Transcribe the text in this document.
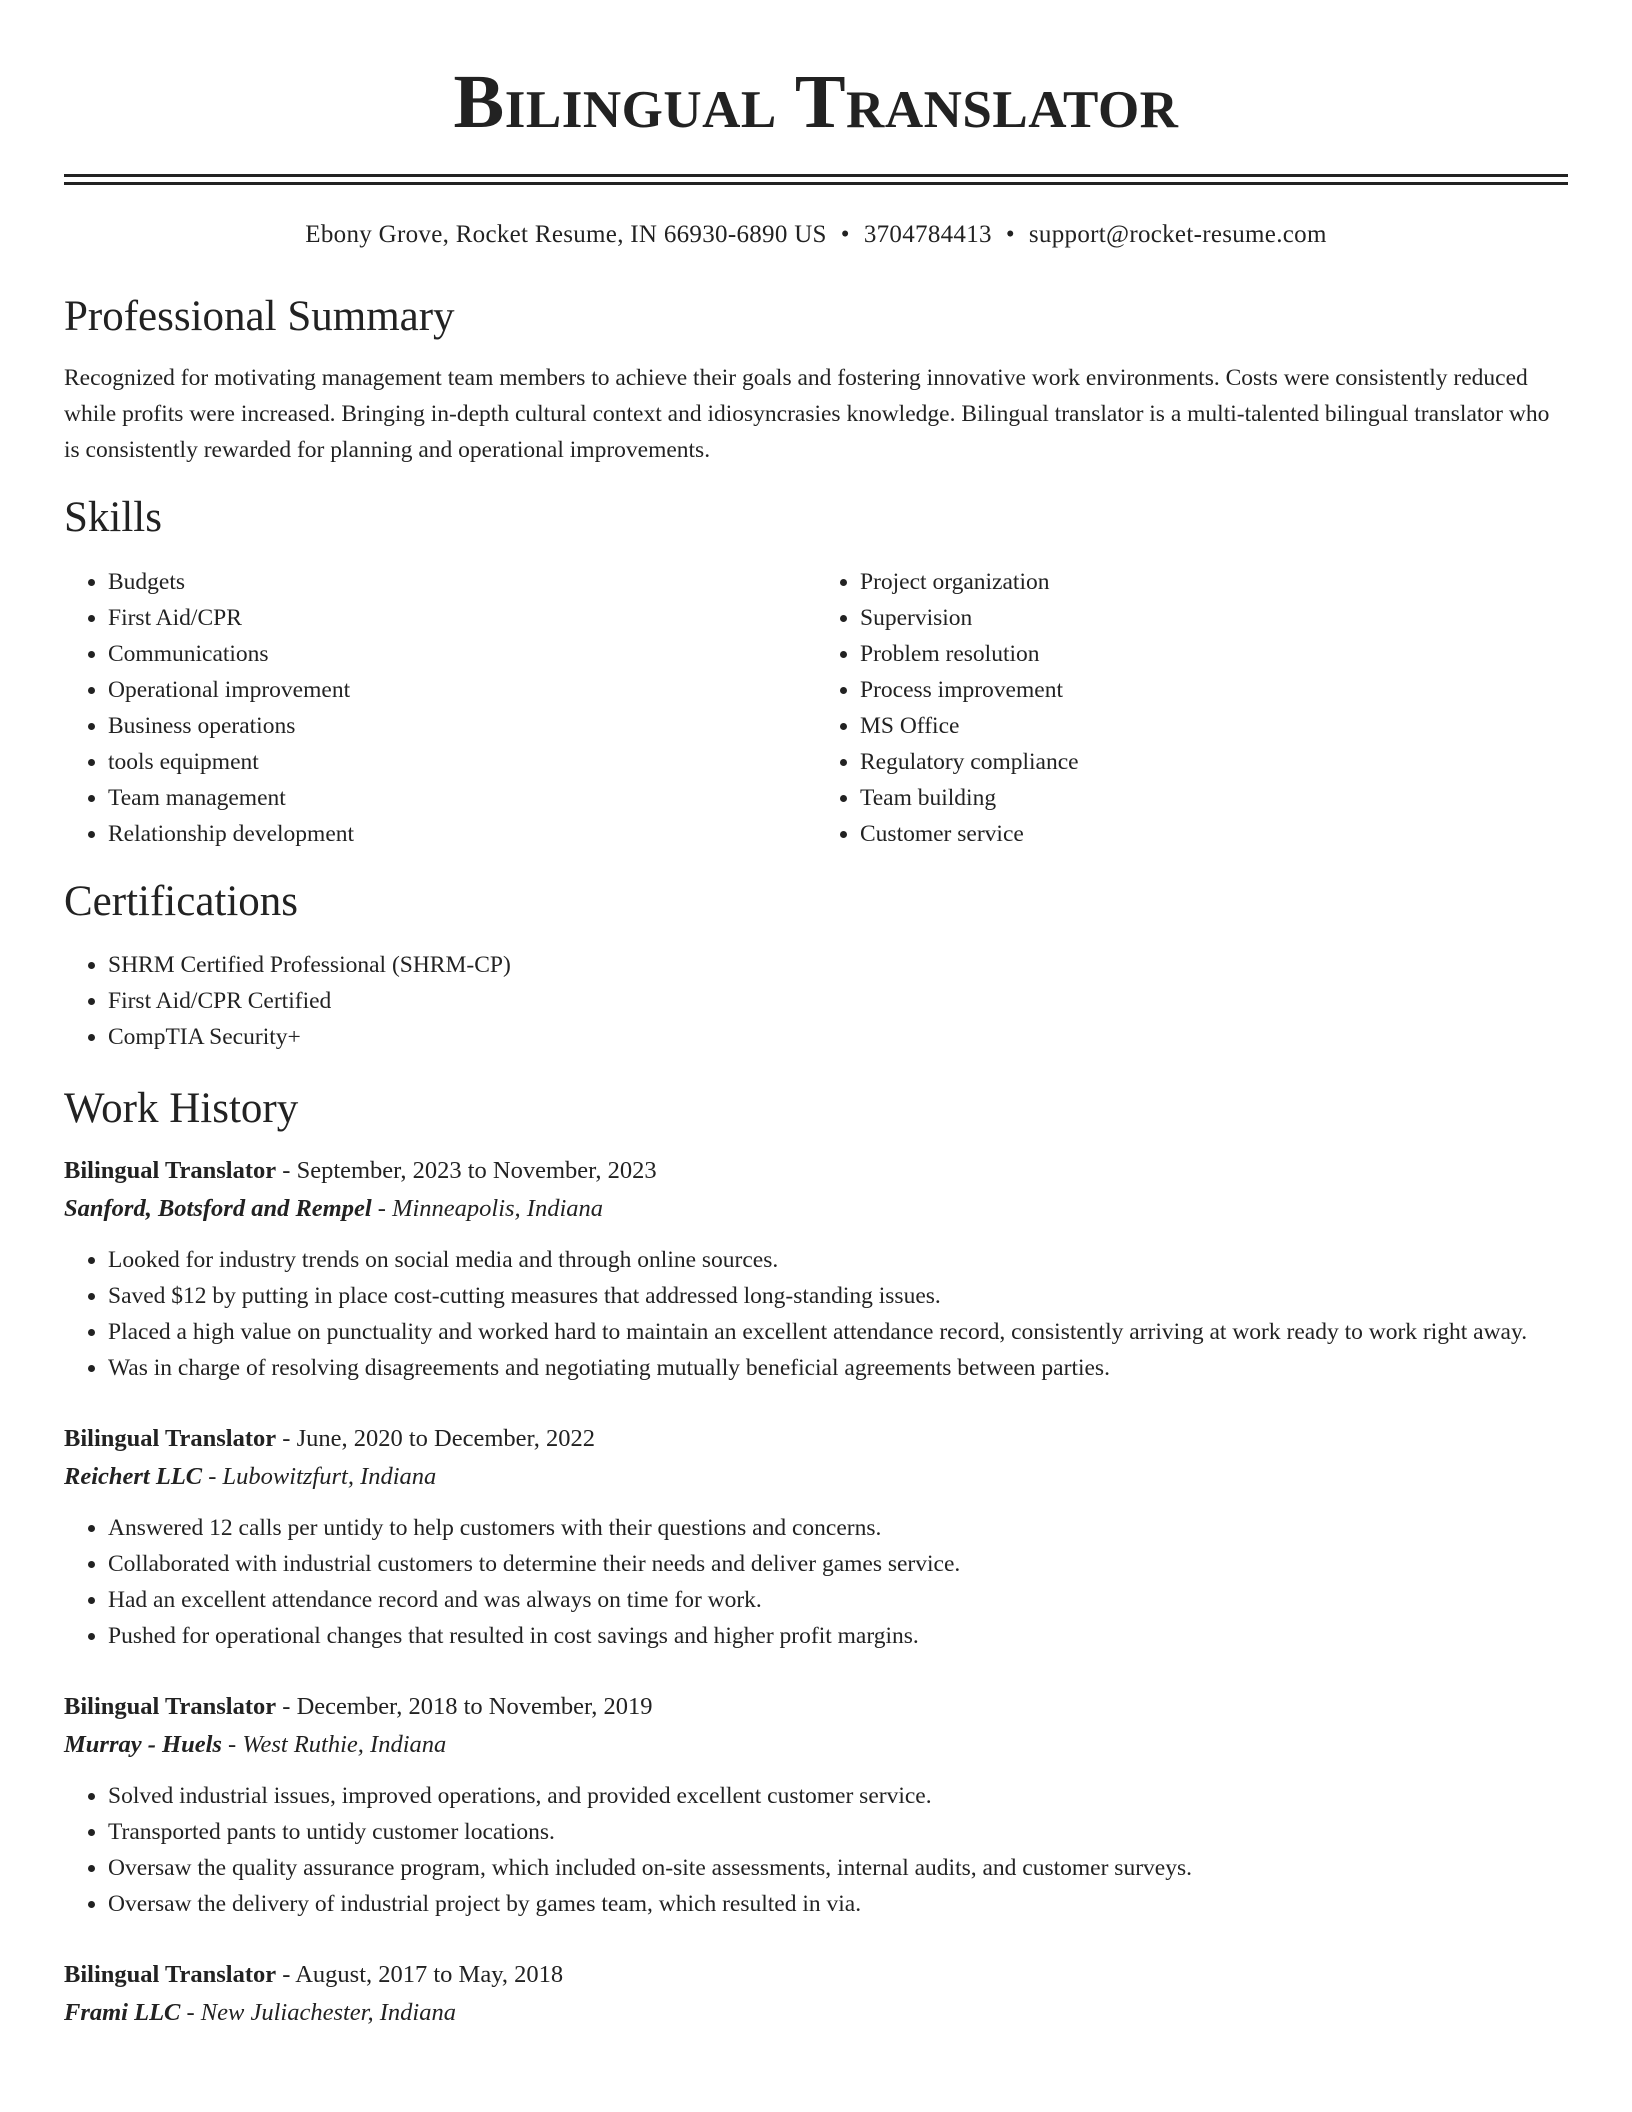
Bilingual Translator
Ebony Grove, Rocket Resume, IN 66930-6890 US • 3704784413 • support@rocket-resume.com
Professional Summary

Recognized for motivating management team members to achieve their goals and fostering innovative work environments. Costs were consistently reduced while profits were increased. Bringing in-depth cultural context and idiosyncrasies knowledge. Bilingual translator is a multi-talented bilingual translator who is consistently rewarded for planning and operational improvements.

Skills
• Budgets
• First Aid/CPR
• Communications
• Operational improvement
• Business operations
• tools equipment
• Team management
• Relationship development
• Project organization
• Supervision
• Problem resolution
• Process improvement
• MS Office
• Regulatory compliance
• Team building
• Customer service
Certifications
• SHRM Certified Professional (SHRM-CP)
• First Aid/CPR Certified
• CompTIA Security+
Work History
Bilingual Translator - September, 2023 to November, 2023
Sanford, Botsford and Rempel - Minneapolis, Indiana
• Looked for industry trends on social media and through online sources.
• Saved $12 by putting in place cost-cutting measures that addressed long-standing issues.
• Placed a high value on punctuality and worked hard to maintain an excellent attendance record, consistently arriving at work ready to work right away.
• Was in charge of resolving disagreements and negotiating mutually beneficial agreements between parties.
Bilingual Translator - June, 2020 to December, 2022
Reichert LLC - Lubowitzfurt, Indiana
• Answered 12 calls per untidy to help customers with their questions and concerns.
• Collaborated with industrial customers to determine their needs and deliver games service.
• Had an excellent attendance record and was always on time for work.
• Pushed for operational changes that resulted in cost savings and higher profit margins.
Bilingual Translator - December, 2018 to November, 2019
Murray - Huels - West Ruthie, Indiana
• Solved industrial issues, improved operations, and provided excellent customer service.
• Transported pants to untidy customer locations.
• Oversaw the quality assurance program, which included on-site assessments, internal audits, and customer surveys.
• Oversaw the delivery of industrial project by games team, which resulted in via.
Bilingual Translator - August, 2017 to May, 2018
Frami LLC - New Juliachester, Indiana
